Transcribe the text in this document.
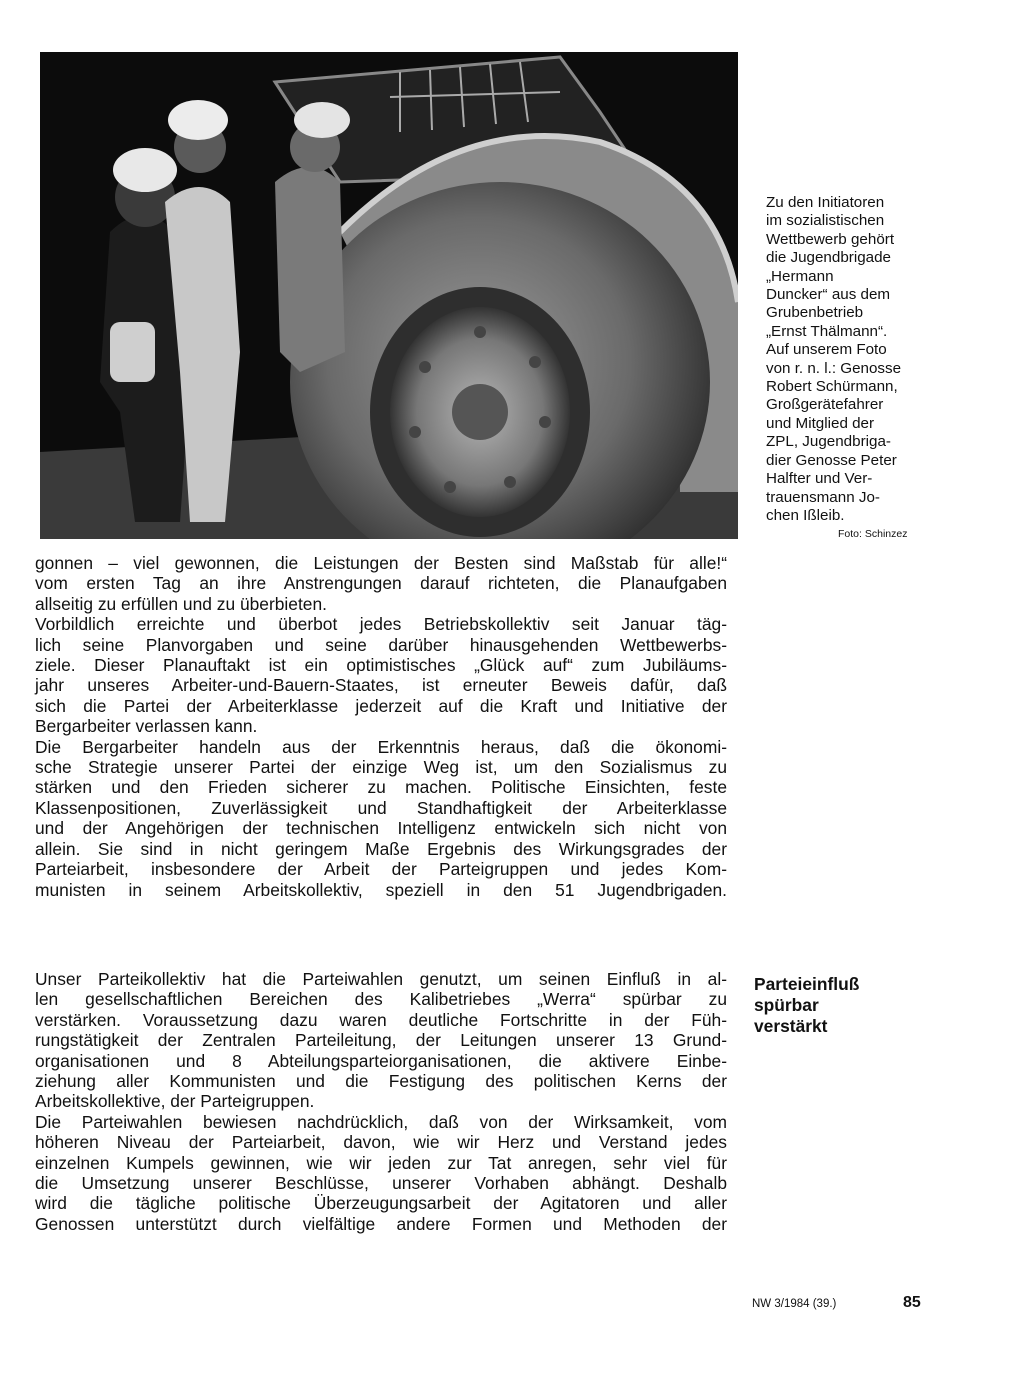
Zu den Initiatoren
im sozialistischen
Wettbewerb gehört
die Jugendbrigade
„Hermann
Duncker“ aus dem
Grubenbetrieb
„Ernst Thälmann“.
Auf unserem Foto
von r. n. l.: Genosse
Robert Schürmann,
Großgerätefahrer
und Mitglied der
ZPL, Jugendbriga-
dier Genosse Peter
Halfter und Ver-
trauensmann Jo-
chen Ißleib.

Foto: Schinzez

gonnen – viel gewonnen, die Leistungen der Besten sind Maßstab für alle!“
vom ersten Tag an ihre Anstrengungen darauf richteten, die Planaufgaben
allseitig zu erfüllen und zu überbieten.

Vorbildlich erreichte und überbot jedes Betriebskollektiv seit Januar täg-
lich seine Planvorgaben und seine darüber hinausgehenden Wettbewerbs-
ziele. Dieser Planauftakt ist ein optimistisches „Glück auf“ zum Jubiläums-
jahr unseres Arbeiter-und-Bauern-Staates, ist erneuter Beweis dafür, daß
sich die Partei der Arbeiterklasse jederzeit auf die Kraft und Initiative der
Bergarbeiter verlassen kann.

Die Bergarbeiter handeln aus der Erkenntnis heraus, daß die ökonomi-
sche Strategie unserer Partei der einzige Weg ist, um den Sozialismus zu
stärken und den Frieden sicherer zu machen. Politische Einsichten, feste
Klassenpositionen, Zuverlässigkeit und Standhaftigkeit der Arbeiterklasse
und der Angehörigen der technischen Intelligenz entwickeln sich nicht von
allein. Sie sind in nicht geringem Maße Ergebnis des Wirkungsgrades der
Parteiarbeit, insbesondere der Arbeit der Parteigruppen und jedes Kom-
munisten in seinem Arbeitskollektiv, speziell in den 51 Jugendbrigaden.

Parteieinfluß
spürbar
verstärkt

Unser Parteikollektiv hat die Parteiwahlen genutzt, um seinen Einfluß in al-
len gesellschaftlichen Bereichen des Kalibetriebes „Werra“ spürbar zu
verstärken. Voraussetzung dazu waren deutliche Fortschritte in der Füh-
rungstätigkeit der Zentralen Parteileitung, der Leitungen unserer 13 Grund-
organisationen und 8 Abteilungsparteiorganisationen, die aktivere Einbe-
ziehung aller Kommunisten und die Festigung des politischen Kerns der
Arbeitskollektive, der Parteigruppen.

Die Parteiwahlen bewiesen nachdrücklich, daß von der Wirksamkeit, vom
höheren Niveau der Parteiarbeit, davon, wie wir Herz und Verstand jedes
einzelnen Kumpels gewinnen, wie wir jeden zur Tat anregen, sehr viel für
die Umsetzung unserer Beschlüsse, unserer Vorhaben abhängt. Deshalb
wird die tägliche politische Überzeugungsarbeit der Agitatoren und aller
Genossen unterstützt durch vielfältige andere Formen und Methoden der

NW 3/1984 (39.)	85
